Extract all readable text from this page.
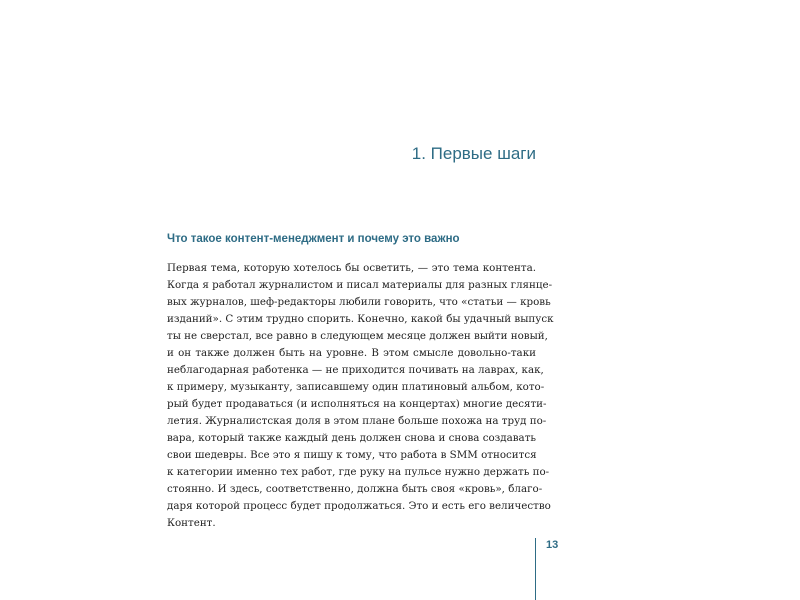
1. Первые шаги
Что такое контент-менеджмент и почему это важно
Первая тема, которую хотелось бы осветить, — это тема контента.
Когда я работал журналистом и писал материалы для разных глянце-
вых журналов, шеф-редакторы любили говорить, что «статьи — кровь
изданий». С этим трудно спорить. Конечно, какой бы удачный выпуск
ты не сверстал, все равно в следующем месяце должен выйти новый,
и он также должен быть на уровне. В этом смысле довольно-таки
неблагодарная работенка — не приходится почивать на лаврах, как,
к примеру, музыканту, записавшему один платиновый альбом, кото-
рый будет продаваться (и исполняться на концертах) многие десяти-
летия. Журналистская доля в этом плане больше похожа на труд по-
вара, который также каждый день должен снова и снова создавать
свои шедевры. Все это я пишу к тому, что работа в SMM относится
к категории именно тех работ, где руку на пульсе нужно держать по-
стоянно. И здесь, соответственно, должна быть своя «кровь», благо-
даря которой процесс будет продолжаться. Это и есть его величество
Контент.
13
